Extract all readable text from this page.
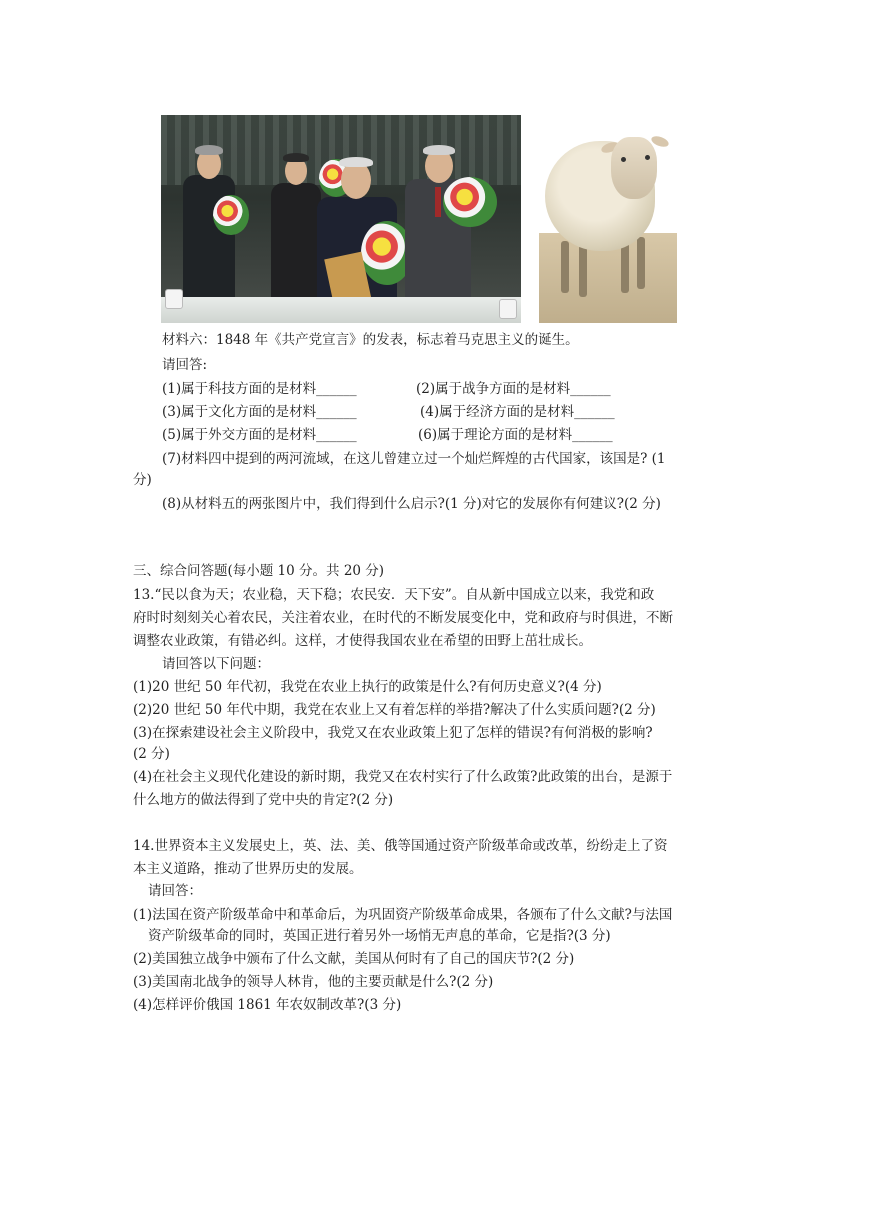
材料六：1848 年《共产党宣言》的发表，标志着马克思主义的诞生。
请回答:
(1)属于科技方面的是材料______	(2)属于战争方面的是材料______
(3)属于文化方面的是材料______	(4)属于经济方面的是材料______
(5)属于外交方面的是材料______	(6)属于理论方面的是材料______
(7)材料四中提到的两河流域，在这儿曾建立过一个灿烂辉煌的古代国家，该国是? (1
分)
(8)从材料五的两张图片中，我们得到什么启示?(1 分)对它的发展你有何建议?(2 分)
三、综合问答题(每小题 10 分。共 20 分)
13.“民以食为天；农业稳，天下稳；农民安．天下安”。自从新中国成立以来，我党和政
府时时刻刻关心着农民，关注着农业，在时代的不断发展变化中，党和政府与时俱进，不断
调整农业政策，有错必纠。这样，才使得我国农业在希望的田野上茁壮成长。
请回答以下问题：
(1)20 世纪 50 年代初，我党在农业上执行的政策是什么?有何历史意义?(4 分)
(2)20 世纪 50 年代中期，我党在农业上又有着怎样的举措?解决了什么实质问题?(2 分)
(3)在探索建设社会主义阶段中，我党又在农业政策上犯了怎样的错误?有何消极的影响?
(2 分)
(4)在社会主义现代化建设的新时期，我党又在农村实行了什么政策?此政策的出台，是源于
什么地方的做法得到了党中央的肯定?(2 分)
14.世界资本主义发展史上，英、法、美、俄等国通过资产阶级革命或改革，纷纷走上了资
本主义道路，推动了世界历史的发展。
请回答：
(1)法国在资产阶级革命中和革命后，为巩固资产阶级革命成果，各颁布了什么文献?与法国
资产阶级革命的同时，英国正进行着另外一场悄无声息的革命，它是指?(3 分)
(2)美国独立战争中颁布了什么文献，美国从何时有了自己的国庆节?(2 分)
(3)美国南北战争的领导人林肯，他的主要贡献是什么?(2 分)
(4)怎样评价俄国 1861 年农奴制改革?(3 分)
